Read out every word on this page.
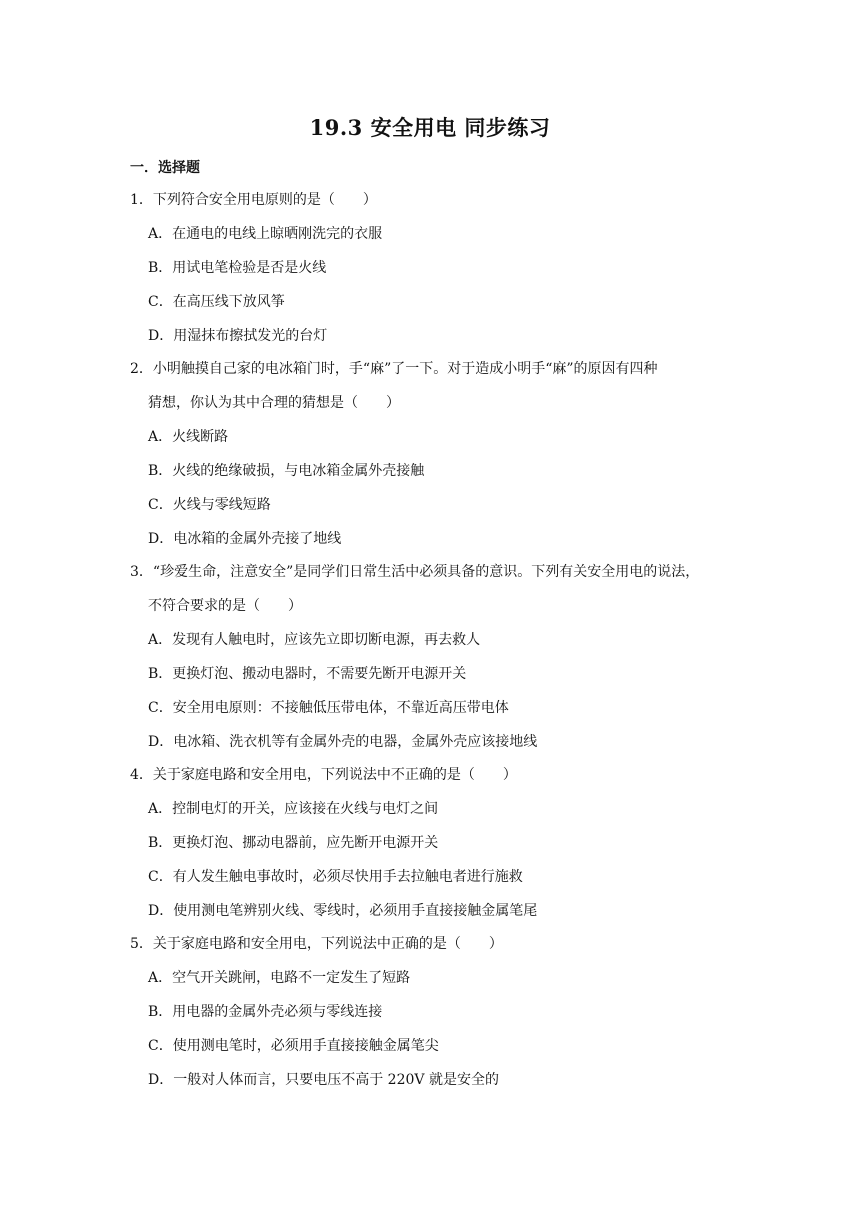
19.3 安全用电 同步练习
一．选择题
1．下列符合安全用电原则的是（　　）
A．在通电的电线上晾晒刚洗完的衣服
B．用试电笔检验是否是火线
C．在高压线下放风筝
D．用湿抹布擦拭发光的台灯
2．小明触摸自己家的电冰箱门时，手“麻”了一下。对于造成小明手“麻”的原因有四种
猜想，你认为其中合理的猜想是（　　）
A．火线断路
B．火线的绝缘破损，与电冰箱金属外壳接触
C．火线与零线短路
D．电冰箱的金属外壳接了地线
3．“珍爱生命，注意安全”是同学们日常生活中必须具备的意识。下列有关安全用电的说法，
不符合要求的是（　　）
A．发现有人触电时，应该先立即切断电源，再去救人
B．更换灯泡、搬动电器时，不需要先断开电源开关
C．安全用电原则：不接触低压带电体，不靠近高压带电体
D．电冰箱、洗衣机等有金属外壳的电器，金属外壳应该接地线
4．关于家庭电路和安全用电，下列说法中不正确的是（　　）
A．控制电灯的开关，应该接在火线与电灯之间
B．更换灯泡、挪动电器前，应先断开电源开关
C．有人发生触电事故时，必须尽快用手去拉触电者进行施救
D．使用测电笔辨别火线、零线时，必须用手直接接触金属笔尾
5．关于家庭电路和安全用电，下列说法中正确的是（　　）
A．空气开关跳闸，电路不一定发生了短路
B．用电器的金属外壳必须与零线连接
C．使用测电笔时，必须用手直接接触金属笔尖
D．一般对人体而言，只要电压不高于 220V 就是安全的
